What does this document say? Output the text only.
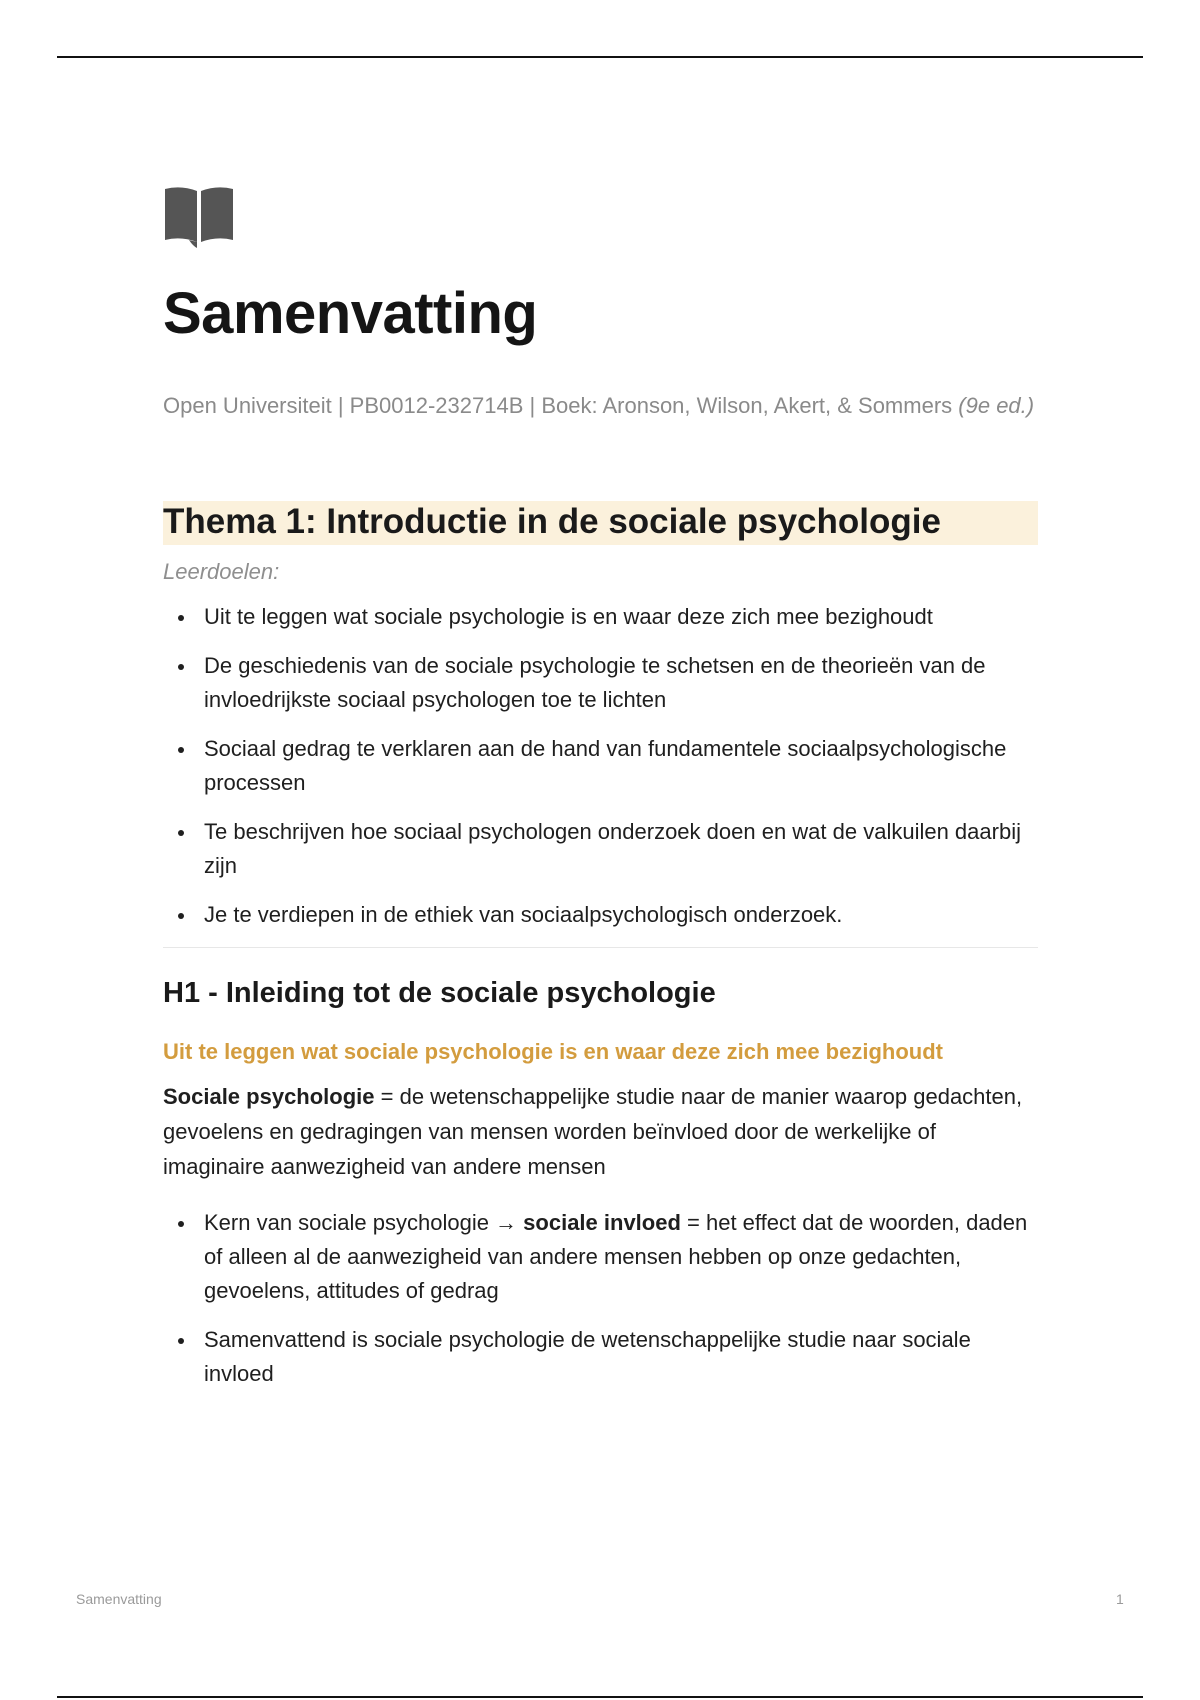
Samenvatting
Open Universiteit | PB0012-232714B | Boek: Aronson, Wilson, Akert, & Sommers (9e ed.)
Thema 1: Introductie in de sociale psychologie
Leerdoelen:
Uit te leggen wat sociale psychologie is en waar deze zich mee bezighoudt
De geschiedenis van de sociale psychologie te schetsen en de theorieën van de invloedrijkste sociaal psychologen toe te lichten
Sociaal gedrag te verklaren aan de hand van fundamentele sociaalpsychologische processen
Te beschrijven hoe sociaal psychologen onderzoek doen en wat de valkuilen daarbij zijn
Je te verdiepen in de ethiek van sociaalpsychologisch onderzoek.
H1 - Inleiding tot de sociale psychologie
Uit te leggen wat sociale psychologie is en waar deze zich mee bezighoudt

Sociale psychologie = de wetenschappelijke studie naar de manier waarop gedachten, gevoelens en gedragingen van mensen worden beïnvloed door de werkelijke of imaginaire aanwezigheid van andere mensen

Kern van sociale psychologie → sociale invloed = het effect dat de woorden, daden of alleen al de aanwezigheid van andere mensen hebben op onze gedachten, gevoelens, attitudes of gedrag
Samenvattend is sociale psychologie de wetenschappelijke studie naar sociale invloed
Samenvatting	1
